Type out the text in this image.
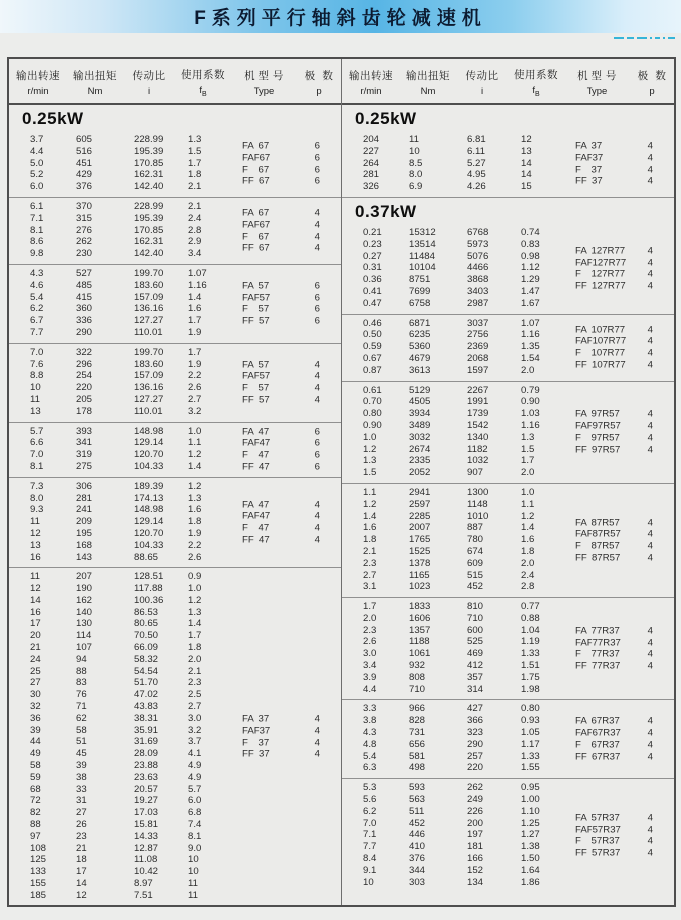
F系列平行轴斜齿轮减速机
输出转速
r/min
输出扭矩
Nm
传动比
i
使用系数
$f_B$
机 型 号
Type
极  数
p
0.25kW
3.7	605	228.99	1.3
4.4	516	195.39	1.5
5.0	451	170.85	1.7
5.2	429	162.31	1.8
6.0	376	142.40	2.1
FA  67	6
FAF67	6
F    67	6
FF  67	6
6.1	370	228.99	2.1
7.1	315	195.39	2.4
8.1	276	170.85	2.8
8.6	262	162.31	2.9
9.8	230	142.40	3.4
FA  67	4
FAF67	4
F    67	4
FF  67	4
4.3	527	199.70	1.07
4.6	485	183.60	1.16
5.4	415	157.09	1.4
6.2	360	136.16	1.6
6.7	336	127.27	1.7
7.7	290	110.01	1.9
FA  57	6
FAF57	6
F    57	6
FF  57	6
7.0	322	199.70	1.7
7.6	296	183.60	1.9
8.8	254	157.09	2.2
10	220	136.16	2.6
11	205	127.27	2.7
13	178	110.01	3.2
FA  57	4
FAF57	4
F    57	4
FF  57	4
5.7	393	148.98	1.0
6.6	341	129.14	1.1
7.0	319	120.70	1.2
8.1	275	104.33	1.4
FA  47	6
FAF47	6
F    47	6
FF  47	6
7.3	306	189.39	1.2
8.0	281	174.13	1.3
9.3	241	148.98	1.6
11	209	129.14	1.8
12	195	120.70	1.9
13	168	104.33	2.2
16	143	88.65	2.6
FA  47	4
FAF47	4
F    47	4
FF  47	4
11	207	128.51	0.9
12	190	117.88	1.0
14	162	100.36	1.2
16	140	86.53	1.3
17	130	80.65	1.4
20	114	70.50	1.7
21	107	66.09	1.8
24	94	58.32	2.0
25	88	54.54	2.1
27	83	51.70	2.3
30	76	47.02	2.5
32	71	43.83	2.7
36	62	38.31	3.0
39	58	35.91	3.2
44	51	31.69	3.7
49	45	28.09	4.1
58	39	23.88	4.9
59	38	23.63	4.9
68	33	20.57	5.7
72	31	19.27	6.0
82	27	17.03	6.8
88	26	15.81	7.4
97	23	14.33	8.1
108	21	12.87	9.0
125	18	11.08	10
133	17	10.42	10
155	14	8.97	11
185	12	7.51	11
FA  37	4
FAF37	4
F    37	4
FF  37	4
输出转速
r/min
输出扭矩
Nm
传动比
i
使用系数
$f_B$
机 型 号
Type
极  数
p
0.25kW
204	11	6.81	12
227	10	6.11	13
264	8.5	5.27	14
281	8.0	4.95	14
326	6.9	4.26	15
FA  37	4
FAF37	4
F    37	4
FF  37	4
0.37kW
0.21	15312	6768	0.74
0.23	13514	5973	0.83
0.27	11484	5076	0.98
0.31	10104	4466	1.12
0.36	8751	3868	1.29
0.41	7699	3403	1.47
0.47	6758	2987	1.67
FA  127R77 4
FAF127R77 4
F    127R77 4
FF  127R77 4
0.46	6871	3037	1.07
0.50	6235	2756	1.16
0.59	5360	2369	1.35
0.67	4679	2068	1.54
0.87	3613	1597	2.0
FA  107R77 4
FAF107R77 4
F    107R77 4
FF  107R77 4
0.61	5129	2267	0.79
0.70	4505	1991	0.90
0.80	3934	1739	1.03
0.90	3489	1542	1.16
1.0	3032	1340	1.3
1.2	2674	1182	1.5
1.3	2335	1032	1.7
1.5	2052	907	2.0
FA  97R57	4
FAF97R57	4
F    97R57	4
FF  97R57	4
1.1	2941	1300	1.0
1.2	2597	1148	1.1
1.4	2285	1010	1.2
1.6	2007	887	1.4
1.8	1765	780	1.6
2.1	1525	674	1.8
2.3	1378	609	2.0
2.7	1165	515	2.4
3.1	1023	452	2.8
FA  87R57	4
FAF87R57	4
F    87R57	4
FF  87R57	4
1.7	1833	810	0.77
2.0	1606	710	0.88
2.3	1357	600	1.04
2.6	1188	525	1.19
3.0	1061	469	1.33
3.4	932	412	1.51
3.9	808	357	1.75
4.4	710	314	1.98
FA  77R37	4
FAF77R37	4
F    77R37	4
FF  77R37	4
3.3	966	427	0.80
3.8	828	366	0.93
4.3	731	323	1.05
4.8	656	290	1.17
5.4	581	257	1.33
6.3	498	220	1.55
FA  67R37	4
FAF67R37	4
F    67R37	4
FF  67R37	4
5.3	593	262	0.95
5.6	563	249	1.00
6.2	511	226	1.10
7.0	452	200	1.25
7.1	446	197	1.27
7.7	410	181	1.38
8.4	376	166	1.50
9.1	344	152	1.64
10	303	134	1.86
FA  57R37	4
FAF57R37	4
F    57R37	4
FF  57R37	4
